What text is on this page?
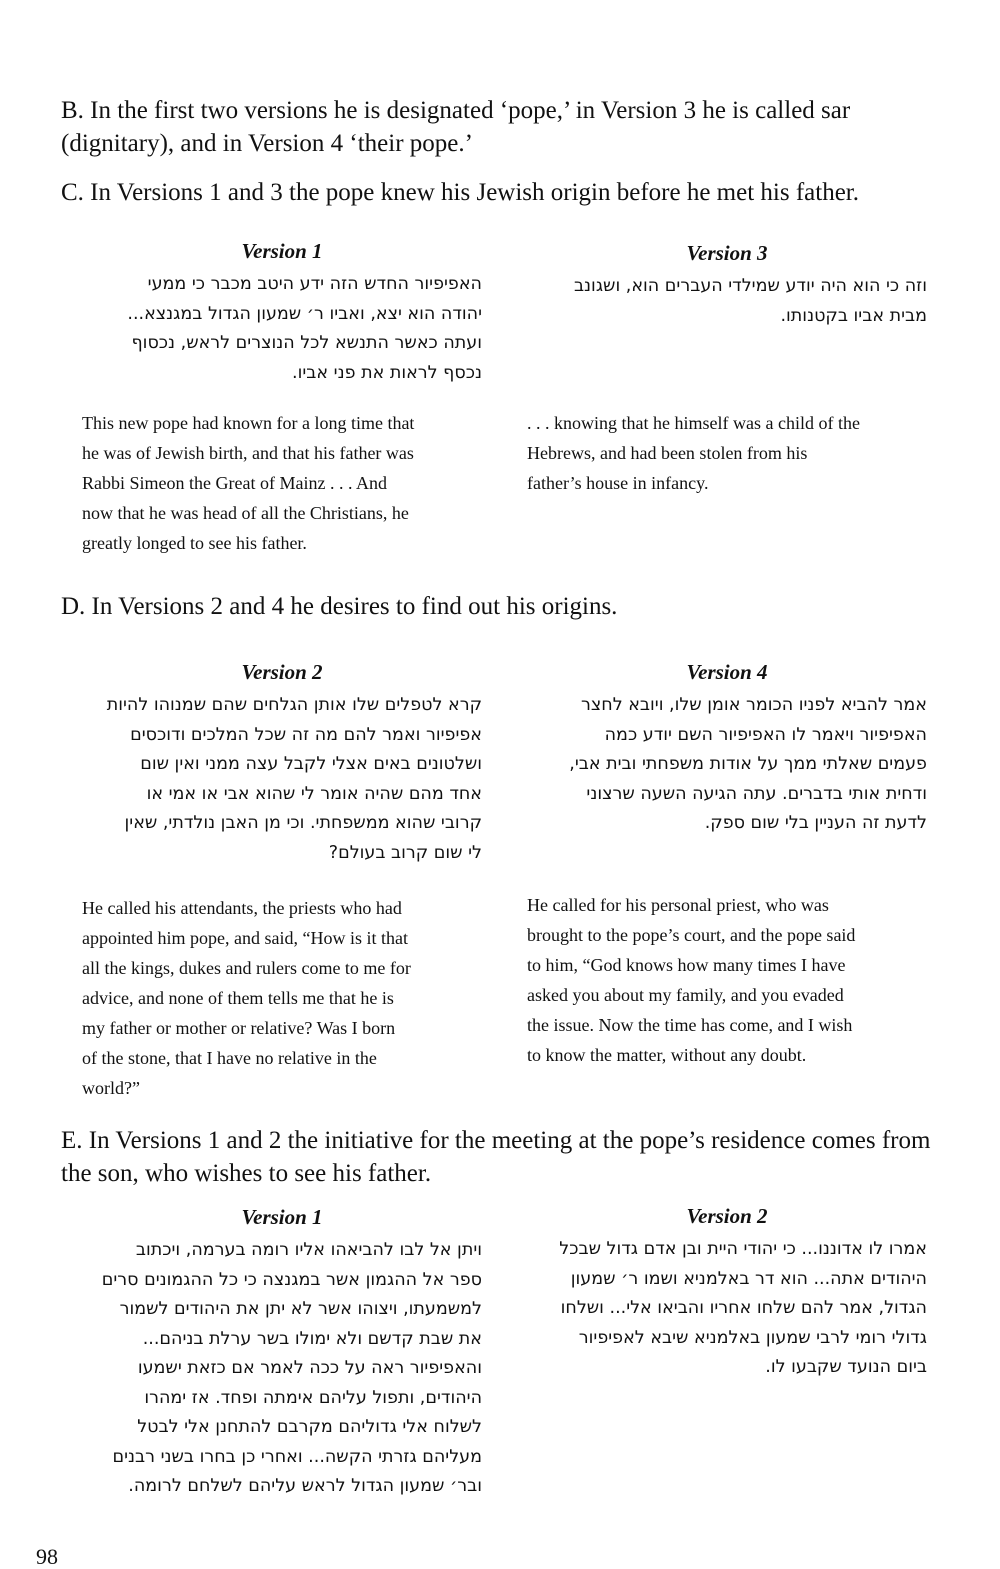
B. In the first two versions he is designated ‘pope,’ in Version 3 he is called sar (dignitary), and in Version 4 ‘their pope.’

C. In Versions 1 and 3 the pope knew his Jewish origin before he met his father.

Version 1

האפיפיור החדש הזה ידע היטב מכבר כי ממעי
יהודה הוא יצא, ואביו ר׳ שמעון הגדול במגנצא...
ועתה כאשר התנשא לכל הנוצרים לראש, נכסוף
נכסף לראות את פני אביו.

This new pope had known for a long time that
he was of Jewish birth, and that his father was
Rabbi Simeon the Great of Mainz . . . And
now that he was head of all the Christians, he
greatly longed to see his father.

Version 3

וזה כי הוא היה יודע שמילדי העברים הוא, ושגונב
מבית אביו בקטנותו.

. . . knowing that he himself was a child of the
Hebrews, and had been stolen from his
father’s house in infancy.

D. In Versions 2 and 4 he desires to find out his origins.

Version 2

קרא לטפלים שלו אותן הגלחים שהם שמנוהו להיות
אפיפיור ואמר להם מה זה שכל המלכים ודוכסים
ושלטונים באים אצלי לקבל עצה ממני ואין שום
אחד מהם שהיה אומר לי שהוא אבי או אמי או
קרובי שהוא ממשפחתי. וכי מן האבן נולדתי, שאין
לי שום קרוב בעולם?

He called his attendants, the priests who had
appointed him pope, and said, “How is it that
all the kings, dukes and rulers come to me for
advice, and none of them tells me that he is
my father or mother or relative? Was I born
of the stone, that I have no relative in the
world?”

Version 4

אמר להביא לפניו הכומר אומן שלו, ויובא לחצר
האפיפיור ויאמר לו האפיפיור השם יודע כמה
פעמים שאלתי ממך על אודות משפחתי ובית אבי,
ודחית אותי בדברים. עתה הגיעה השעה שרצוני
לדעת זה העניין בלי שום ספק.

He called for his personal priest, who was
brought to the pope’s court, and the pope said
to him, “God knows how many times I have
asked you about my family, and you evaded
the issue. Now the time has come, and I wish
to know the matter, without any doubt.

E. In Versions 1 and 2 the initiative for the meeting at the pope’s residence comes from the son, who wishes to see his father.

Version 1

ויתן אל לבו להביאהו אליו רומה בערמה, ויכתוב
ספר אל ההגמון אשר במגנצה כי כל ההגמונים סרים
למשמעתו, ויצוהו אשר לא יתן את היהודים לשמור
את שבת קדשם ולא ימולו בשר ערלת בניהם...
והאפיפיור ראה על ככה לאמר אם כזאת ישמעו
היהודים, ותפול עליהם אימתה ופחד. אז ימהרו
לשלוח אלי גדוליהם מקרבם להתחנן אלי לבטל
מעליהם גזרתי הקשה... ואחרי כן בחרו בשני רבנים
ובר׳ שמעון הגדול לראש עליהם לשלחם לרומה.

Version 2

אמרו לו אדוננו... כי יהודי היית ובן אדם גדול שבכל
היהודים אתה... הוא דר באלמניא ושמו ר׳ שמעון
הגדול, אמר להם שלחו אחריו והביאו אלי... ושלחו
גדולי רומי לרבי שמעון באלמניא שיבא לאפיפיור
ביום הנועד שקבעו לו.

98
